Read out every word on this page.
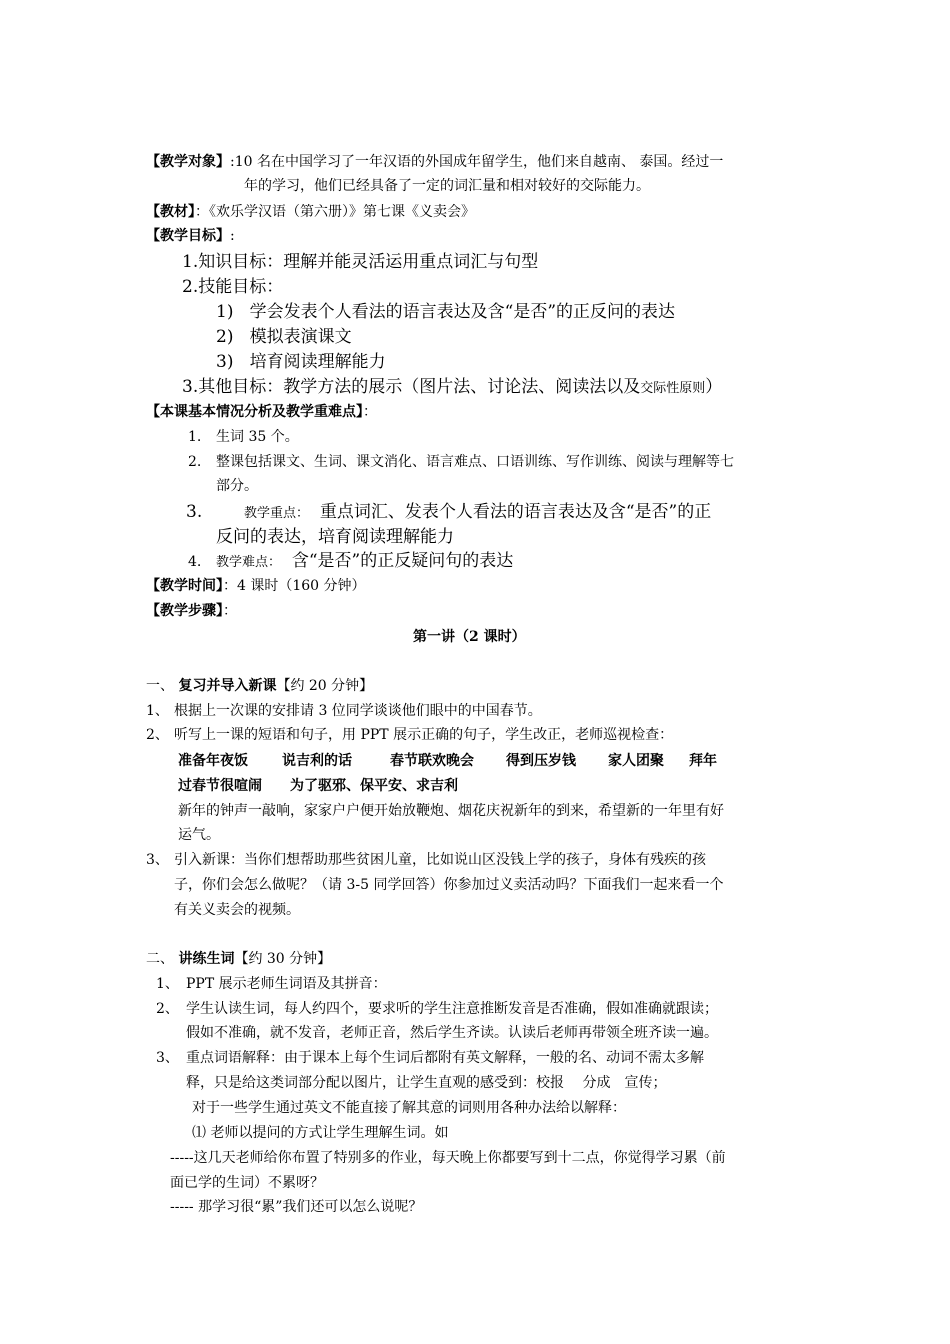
【教学对象】:10 名在中国学习了一年汉语的外国成年留学生，他们来自越南、 泰国。经过一
年的学习，他们已经具备了一定的词汇量和相对较好的交际能力。
【教材】：《欢乐学汉语（第六册）》第七课《义卖会》
【教学目标】:
1.知识目标：理解并能灵活运用重点词汇与句型
2.技能目标：
1) 学会发表个人看法的语言表达及含“是否”的正反问的表达
2) 模拟表演课文
3) 培育阅读理解能力
3.其他目标：教学方法的展示（图片法、讨论法、阅读法以及交际性原则）
【本课基本情况分析及教学重难点】：
1. 生词 35 个。
2. 整课包括课文、生词、课文消化、语言难点、口语训练、写作训练、阅读与理解等七
部分。
3.	教学重点： 重点词汇、发表个人看法的语言表达及含“是否”的正
反问的表达，培育阅读理解能力
4. 教学难点： 含“是否”的正反疑问句的表达
【教学时间】：4 课时（160 分钟）
【教学步骤】：
第一讲（2 课时）
一、 复习并导入新课【约 20 分钟】
1、 根据上一次课的安排请 3 位同学谈谈他们眼中的中国春节。
2、 听写上一课的短语和句子，用 PPT 展示正确的句子，学生改正，老师巡视检查：
准备年夜饭 说吉利的话	春节联欢晚会 得到压岁钱 家人团聚 拜年
过春节很喧闹 为了驱邪、保平安、求吉利
新年的钟声一敲响，家家户户便开始放鞭炮、烟花庆祝新年的到来，希望新的一年里有好
运气。
3、 引入新课：当你们想帮助那些贫困儿童，比如说山区没钱上学的孩子，身体有残疾的孩
子，你们会怎么做呢？（请 3-5 同学回答）你参加过义卖活动吗？下面我们一起来看一个
有关义卖会的视频。
二、 讲练生词【约 30 分钟】
1、 PPT 展示老师生词语及其拼音：
2、 学生认读生词，每人约四个，要求听的学生注意推断发音是否准确，假如准确就跟读；
假如不准确，就不发音，老师正音，然后学生齐读。认读后老师再带领全班齐读一遍。
3、 重点词语解释：由于课本上每个生词后都附有英文解释，一般的名、动词不需太多解
释，只是给这类词部分配以图片，让学生直观的感受到：校报　 分成　宣传；
对于一些学生通过英文不能直接了解其意的词则用各种办法给以解释：
⑴ 老师以提问的方式让学生理解生词。如
-----这几天老师给你布置了特别多的作业，每天晚上你都要写到十二点，你觉得学习累（前
面已学的生词）不累呀？
----- 那学习很“累”我们还可以怎么说呢？
